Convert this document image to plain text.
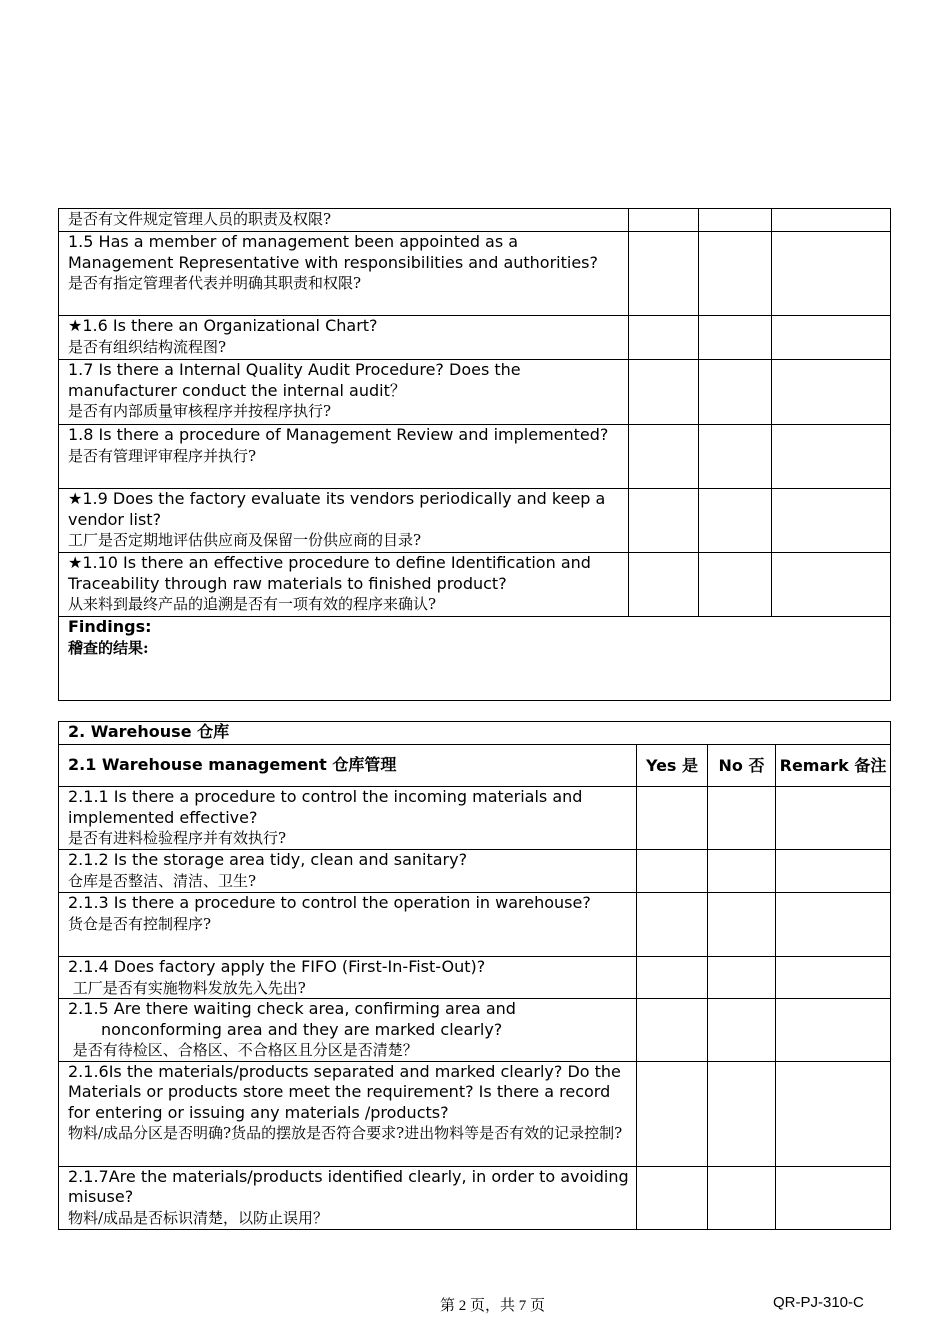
是否有文件规定管理人员的职责及权限?			

1.5 Has a member of management been appointed as a Management Representative with responsibilities and authorities?
是否有指定管理者代表并明确其职责和权限?			

★1.6 Is there an Organizational Chart?
是否有组织结构流程图?			

1.7 Is there a Internal Quality Audit Procedure? Does the manufacturer conduct the internal audit？
是否有内部质量审核程序并按程序执行?			

1.8 Is there a procedure of Management Review and implemented?
是否有管理评审程序并执行?			

★1.9 Does the factory evaluate its vendors periodically and keep a vendor list?
工厂是否定期地评估供应商及保留一份供应商的目录?			

★1.10 Is there an effective procedure to define Identification and Traceability through raw materials to finished product?
从来料到最终产品的追溯是否有一项有效的程序来确认?			

Findings:
稽查的结果:			
2. Warehouse 仓库			
2.1 Warehouse management 仓库管理	Yes 是	No 否	Remark 备注

2.1.1 Is there a procedure to control the incoming materials and implemented effective?
是否有进料检验程序并有效执行?			

2.1.2 Is the storage area tidy, clean and sanitary?
仓库是否整洁、清洁、卫生?			

2.1.3 Is there a procedure to control the operation in warehouse?
货仓是否有控制程序?			

2.1.4 Does factory apply the FIFO (First-In-Fist-Out)?
工厂是否有实施物料发放先入先出?			

2.1.5 Are there waiting check area, confirming area and
nonconforming area and they are marked clearly?
是否有待检区、合格区、不合格区且分区是否清楚？			

2.1.6Is the materials/products separated and marked clearly? Do the Materials or products store meet the requirement? Is there a record for entering or issuing any materials /products?
物料/成品分区是否明确?货品的摆放是否符合要求?进出物料等是否有效的记录控制?			

2.1.7Are the materials/products identified clearly, in order to avoiding misuse?
物料/成品是否标识清楚，以防止误用？			

第 2 页，共 7 页	QR-PJ-310-C
